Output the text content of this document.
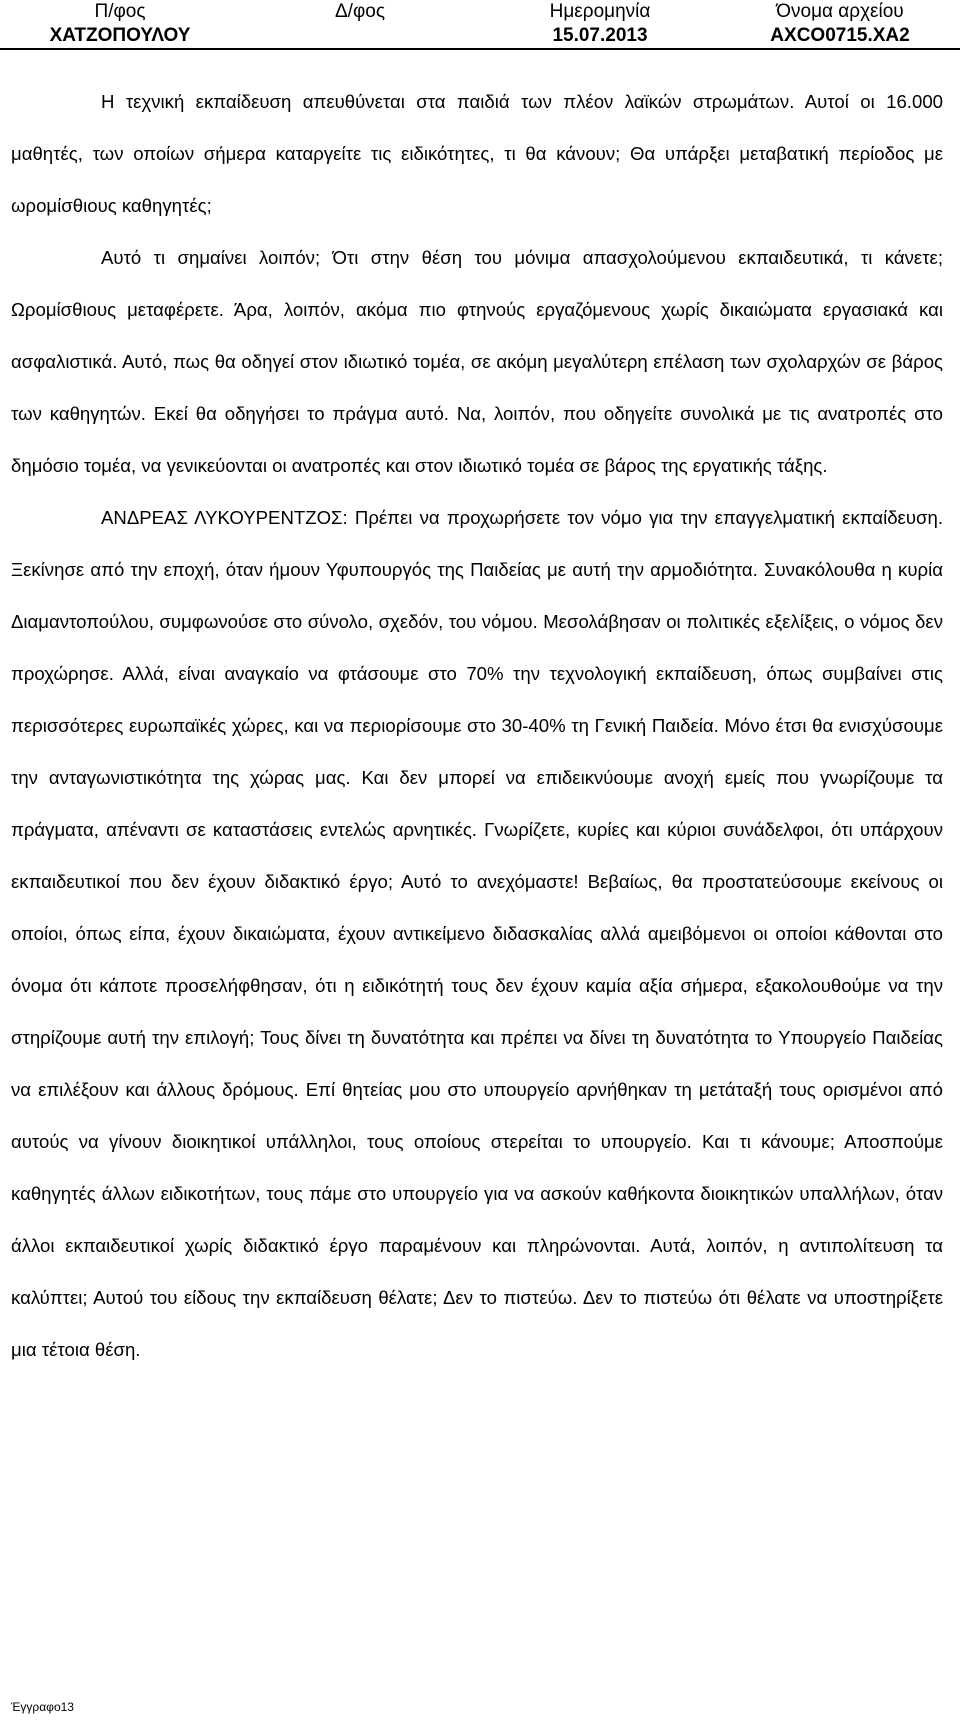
Π/φος	Δ/φος	Ημερομηνία	Όνομα αρχείου
ΧΑΤΖΟΠΟΥΛΟΥ		15.07.2013	ΑΧCO0715.XA2

Η τεχνική εκπαίδευση απευθύνεται στα παιδιά των πλέον λαϊκών στρωμάτων. Αυτοί οι 16.000 μαθητές, των οποίων σήμερα καταργείτε τις ειδικότητες, τι θα κάνουν; Θα υπάρξει μεταβατική περίοδος με ωρομίσθιους καθηγητές;

Αυτό τι σημαίνει λοιπόν; Ότι στην θέση του μόνιμα απασχολούμενου εκπαιδευτικά, τι κάνετε; Ωρομίσθιους μεταφέρετε. Άρα, λοιπόν, ακόμα πιο φτηνούς εργαζόμενους χωρίς δικαιώματα εργασιακά και ασφαλιστικά. Αυτό, πως θα οδηγεί στον ιδιωτικό τομέα, σε ακόμη μεγαλύτερη επέλαση των σχολαρχών σε βάρος των καθηγητών. Εκεί θα οδηγήσει το πράγμα αυτό. Να, λοιπόν, που οδηγείτε συνολικά με τις ανατροπές στο δημόσιο τομέα, να γενικεύονται οι ανατροπές και στον ιδιωτικό τομέα σε βάρος της εργατικής τάξης.

ΑΝΔΡΕΑΣ ΛΥΚΟΥΡΕΝΤΖΟΣ: Πρέπει να προχωρήσετε τον νόμο για την επαγγελματική εκπαίδευση. Ξεκίνησε από την εποχή, όταν ήμουν Υφυπουργός της Παιδείας με αυτή την αρμοδιότητα. Συνακόλουθα η κυρία Διαμαντοπούλου, συμφωνούσε στο σύνολο, σχεδόν, του νόμου. Μεσολάβησαν οι πολιτικές εξελίξεις, ο νόμος δεν προχώρησε. Αλλά, είναι αναγκαίο να φτάσουμε στο 70% την τεχνολογική εκπαίδευση, όπως συμβαίνει στις περισσότερες ευρωπαϊκές χώρες, και να περιορίσουμε στο 30-40% τη Γενική Παιδεία. Μόνο έτσι θα ενισχύσουμε την ανταγωνιστικότητα της χώρας μας. Και δεν μπορεί να επιδεικνύουμε ανοχή εμείς που γνωρίζουμε τα πράγματα, απέναντι σε καταστάσεις εντελώς αρνητικές. Γνωρίζετε, κυρίες και κύριοι συνάδελφοι, ότι υπάρχουν εκπαιδευτικοί που δεν έχουν διδακτικό έργο; Αυτό το ανεχόμαστε! Βεβαίως, θα προστατεύσουμε εκείνους οι οποίοι, όπως είπα, έχουν δικαιώματα, έχουν αντικείμενο διδασκαλίας αλλά αμειβόμενοι οι οποίοι κάθονται στο όνομα ότι κάποτε προσελήφθησαν, ότι η ειδικότητή τους δεν έχουν καμία αξία σήμερα, εξακολουθούμε να την στηρίζουμε αυτή την επιλογή; Τους δίνει τη δυνατότητα και πρέπει να δίνει τη δυνατότητα το Υπουργείο Παιδείας να επιλέξουν και άλλους δρόμους. Επί θητείας μου στο υπουργείο αρνήθηκαν τη μετάταξή τους ορισμένοι από αυτούς να γίνουν διοικητικοί υπάλληλοι, τους οποίους στερείται το υπουργείο. Και τι κάνουμε; Αποσπούμε καθηγητές άλλων ειδικοτήτων, τους πάμε στο υπουργείο για να ασκούν καθήκοντα διοικητικών υπαλλήλων, όταν άλλοι εκπαιδευτικοί χωρίς διδακτικό έργο παραμένουν και πληρώνονται. Αυτά, λοιπόν, η αντιπολίτευση τα καλύπτει; Αυτού του είδους την εκπαίδευση θέλατε; Δεν το πιστεύω. Δεν το πιστεύω ότι θέλατε να υποστηρίξετε μια τέτοια θέση.

Έγγραφο13
